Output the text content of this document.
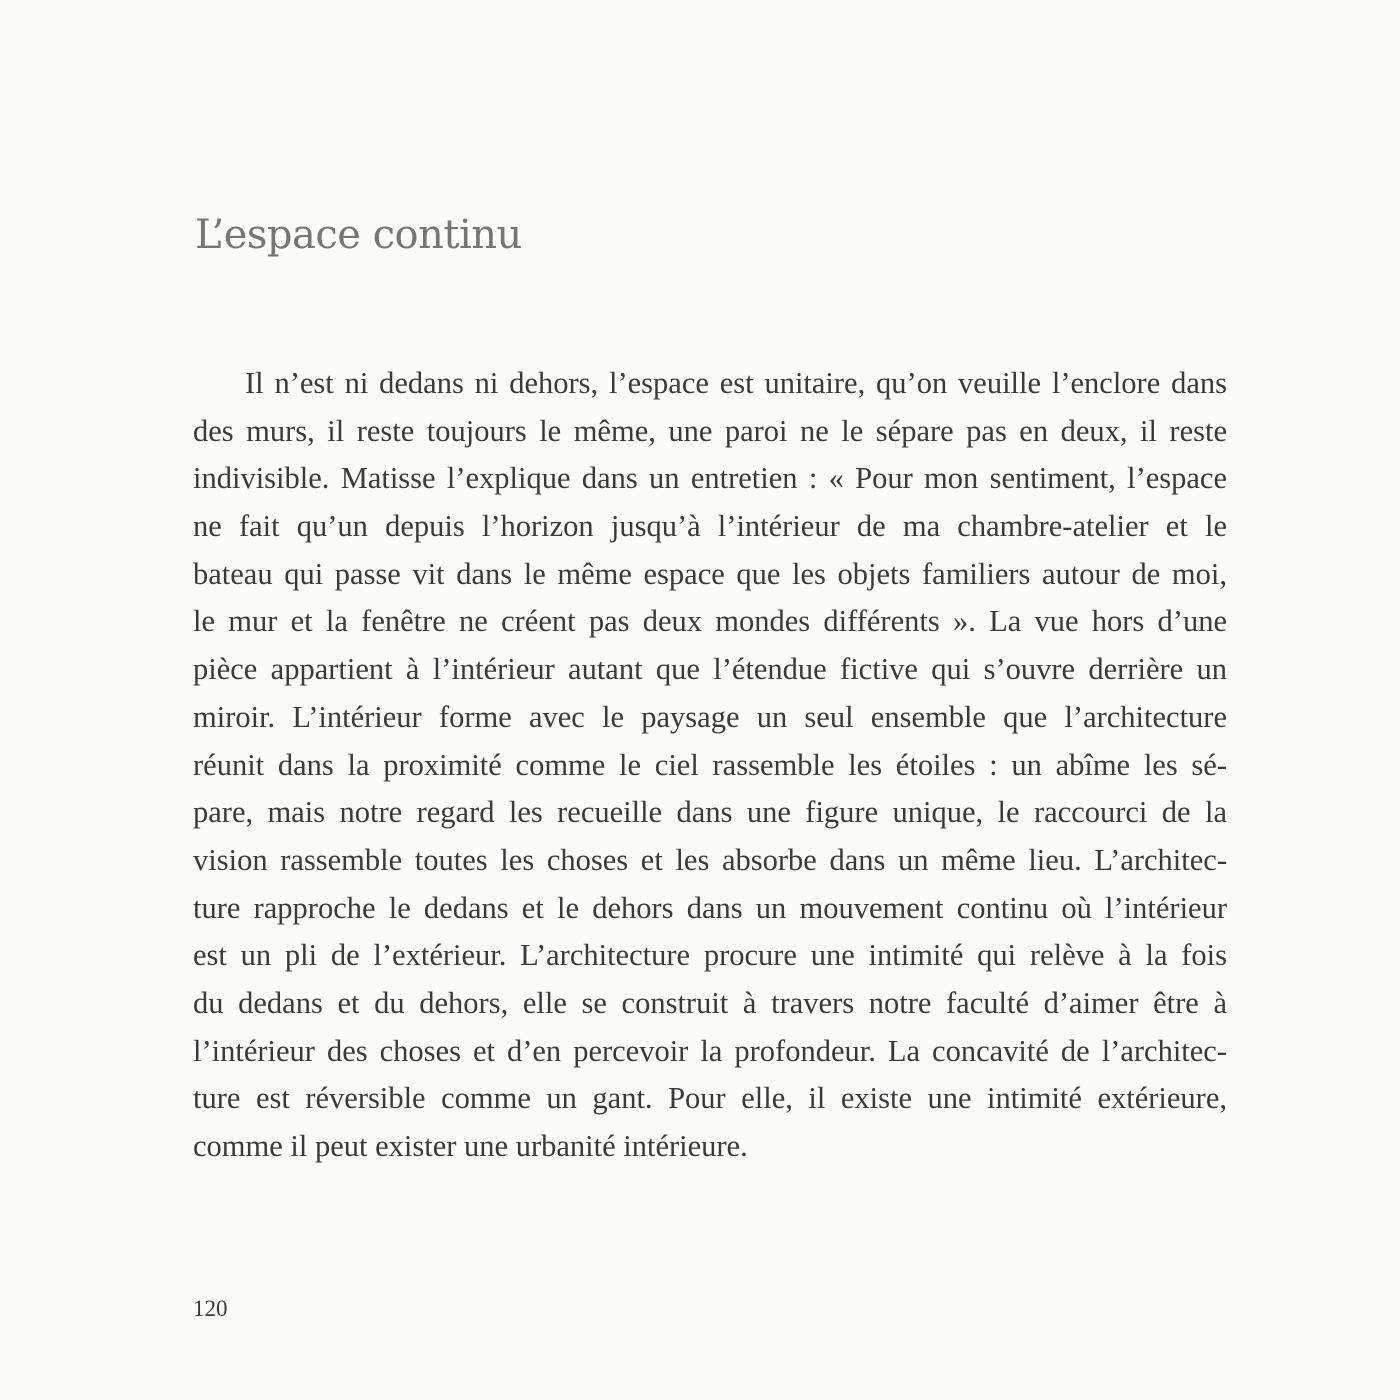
L’espace continu
Il n’est ni dedans ni dehors, l’espace est unitaire, qu’on veuille l’enclore dans
des murs, il reste toujours le même, une paroi ne le sépare pas en deux, il reste
indivisible. Matisse l’explique dans un entretien : « Pour mon sentiment, l’espace
ne fait qu’un depuis l’horizon jusqu’à l’intérieur de ma chambre-atelier et le
bateau qui passe vit dans le même espace que les objets familiers autour de moi,
le mur et la fenêtre ne créent pas deux mondes différents ». La vue hors d’une
pièce appartient à l’intérieur autant que l’étendue fictive qui s’ouvre derrière un
miroir. L’intérieur forme avec le paysage un seul ensemble que l’architecture
réunit dans la proximité comme le ciel rassemble les étoiles : un abîme les sé-
pare, mais notre regard les recueille dans une figure unique, le raccourci de la
vision rassemble toutes les choses et les absorbe dans un même lieu. L’architec-
ture rapproche le dedans et le dehors dans un mouvement continu où l’intérieur
est un pli de l’extérieur. L’architecture procure une intimité qui relève à la fois
du dedans et du dehors, elle se construit à travers notre faculté d’aimer être à
l’intérieur des choses et d’en percevoir la profondeur. La concavité de l’architec-
ture est réversible comme un gant. Pour elle, il existe une intimité extérieure,
comme il peut exister une urbanité intérieure.
120
